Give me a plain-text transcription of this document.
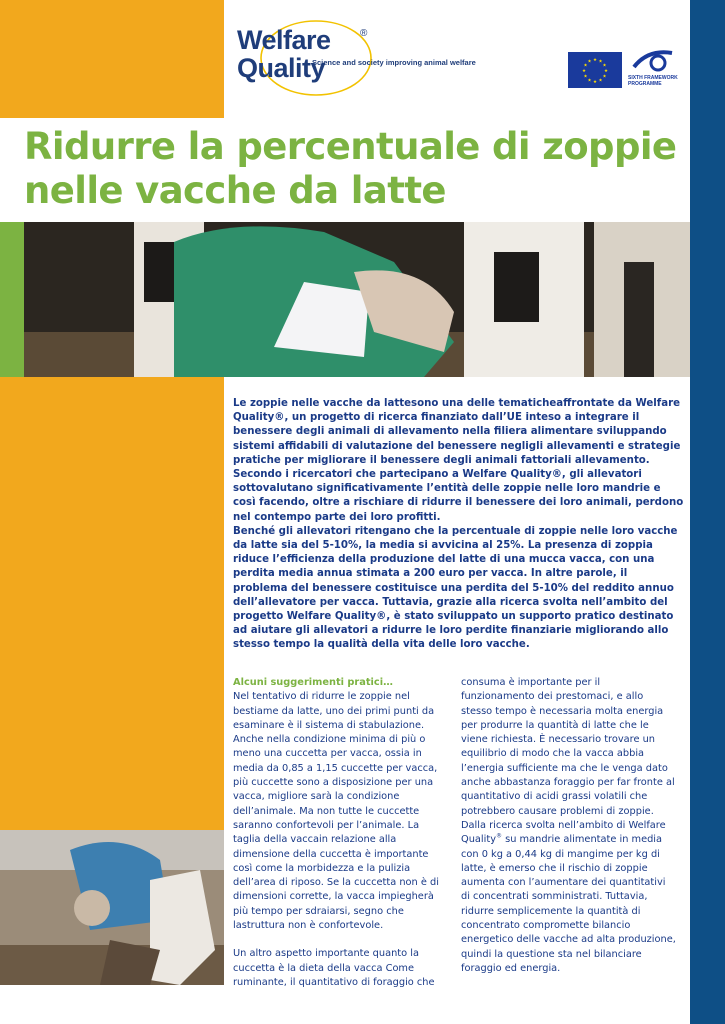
Welfare	®
Quality
Science and society improving animal welfare	★ ★
★
★
★
★
★
★
★
★
★
★
SIXTH FRAMEWORK
PROGRAMME
Ridurre la percentuale di zoppie nelle vacche da latte

Le zoppie nelle vacche da lattesono una delle tematicheaffrontate da Welfare Quality®, un progetto di ricerca finanziato dall’UE inteso a integrare il benessere degli animali di allevamento nella filiera alimentare sviluppando sistemi affidabili di valutazione del benessere negligli allevamenti e strategie pratiche per migliorare il benessere degli animali fattoriali allevamento.

Secondo i ricercatori che partecipano a Welfare Quality®, gli allevatori sottovalutano significativamente l’entità delle zoppie nelle loro mandrie e così facendo, oltre a rischiare di ridurre il benessere dei loro animali, perdono nel contempo parte dei loro profitti.

Benché gli allevatori ritengano che la percentuale di zoppie nelle loro vacche da latte sia del 5-10%, la media si avvicina al 25%. La presenza di zoppia riduce l’efficienza della produzione del latte di una mucca vacca, con una perdita media annua stimata a 200 euro per vacca. In altre parole, il problema del benessere costituisce una perdita del 5-10% del reddito annuo dell’allevatore per vacca. Tuttavia, grazie alla ricerca svolta nell’ambito del progetto Welfare Quality®, è stato sviluppato un supporto pratico destinato ad aiutare gli allevatori a ridurre le loro perdite finanziarie migliorando allo stesso tempo la qualità della vita delle loro vacche.

Alcuni suggerimenti pratici…

Nel tentativo di ridurre le zoppie nel bestiame da latte, uno dei primi punti da esaminare è il sistema di stabulazione. Anche nella condizione minima di più o meno una cuccetta per vacca, ossia in media da 0,85 a 1,15 cuccette per vacca, più cuccette sono a disposizione per una vacca, migliore sarà la condizione dell’animale. Ma non tutte le cuccette saranno confortevoli per l’animale. La taglia della vaccain relazione alla dimensione della cuccetta è importante così come la morbidezza e la pulizia dell’area di riposo. Se la cuccetta non è di dimensioni corrette, la vacca impiegherà più tempo per sdraiarsi, segno che lastruttura non è confortevole.

Un altro aspetto importante quanto la cuccetta è la dieta della vacca Come ruminante, il quantitativo di foraggio che

consuma è importante per il funzionamento dei prestomaci, e allo stesso tempo è necessaria molta energia per produrre la quantità di latte che le viene richiesta. È necessario trovare un equilibrio di modo che la vacca abbia l’energia sufficiente ma che le venga dato anche abbastanza foraggio per far fronte al quantitativo di acidi grassi volatili che potrebbero causare problemi di zoppie.

Dalla ricerca svolta nell’ambito di Welfare Quality® su mandrie alimentate in media con 0 kg a 0,44 kg di mangime per kg di latte, è emerso che il rischio di zoppie aumenta con l’aumentare dei quantitativi di concentrati somministrati. Tuttavia, ridurre semplicemente la quantità di concentrato compromette bilancio energetico delle vacche ad alta produzione, quindi la questione sta nel bilanciare foraggio ed energia.
